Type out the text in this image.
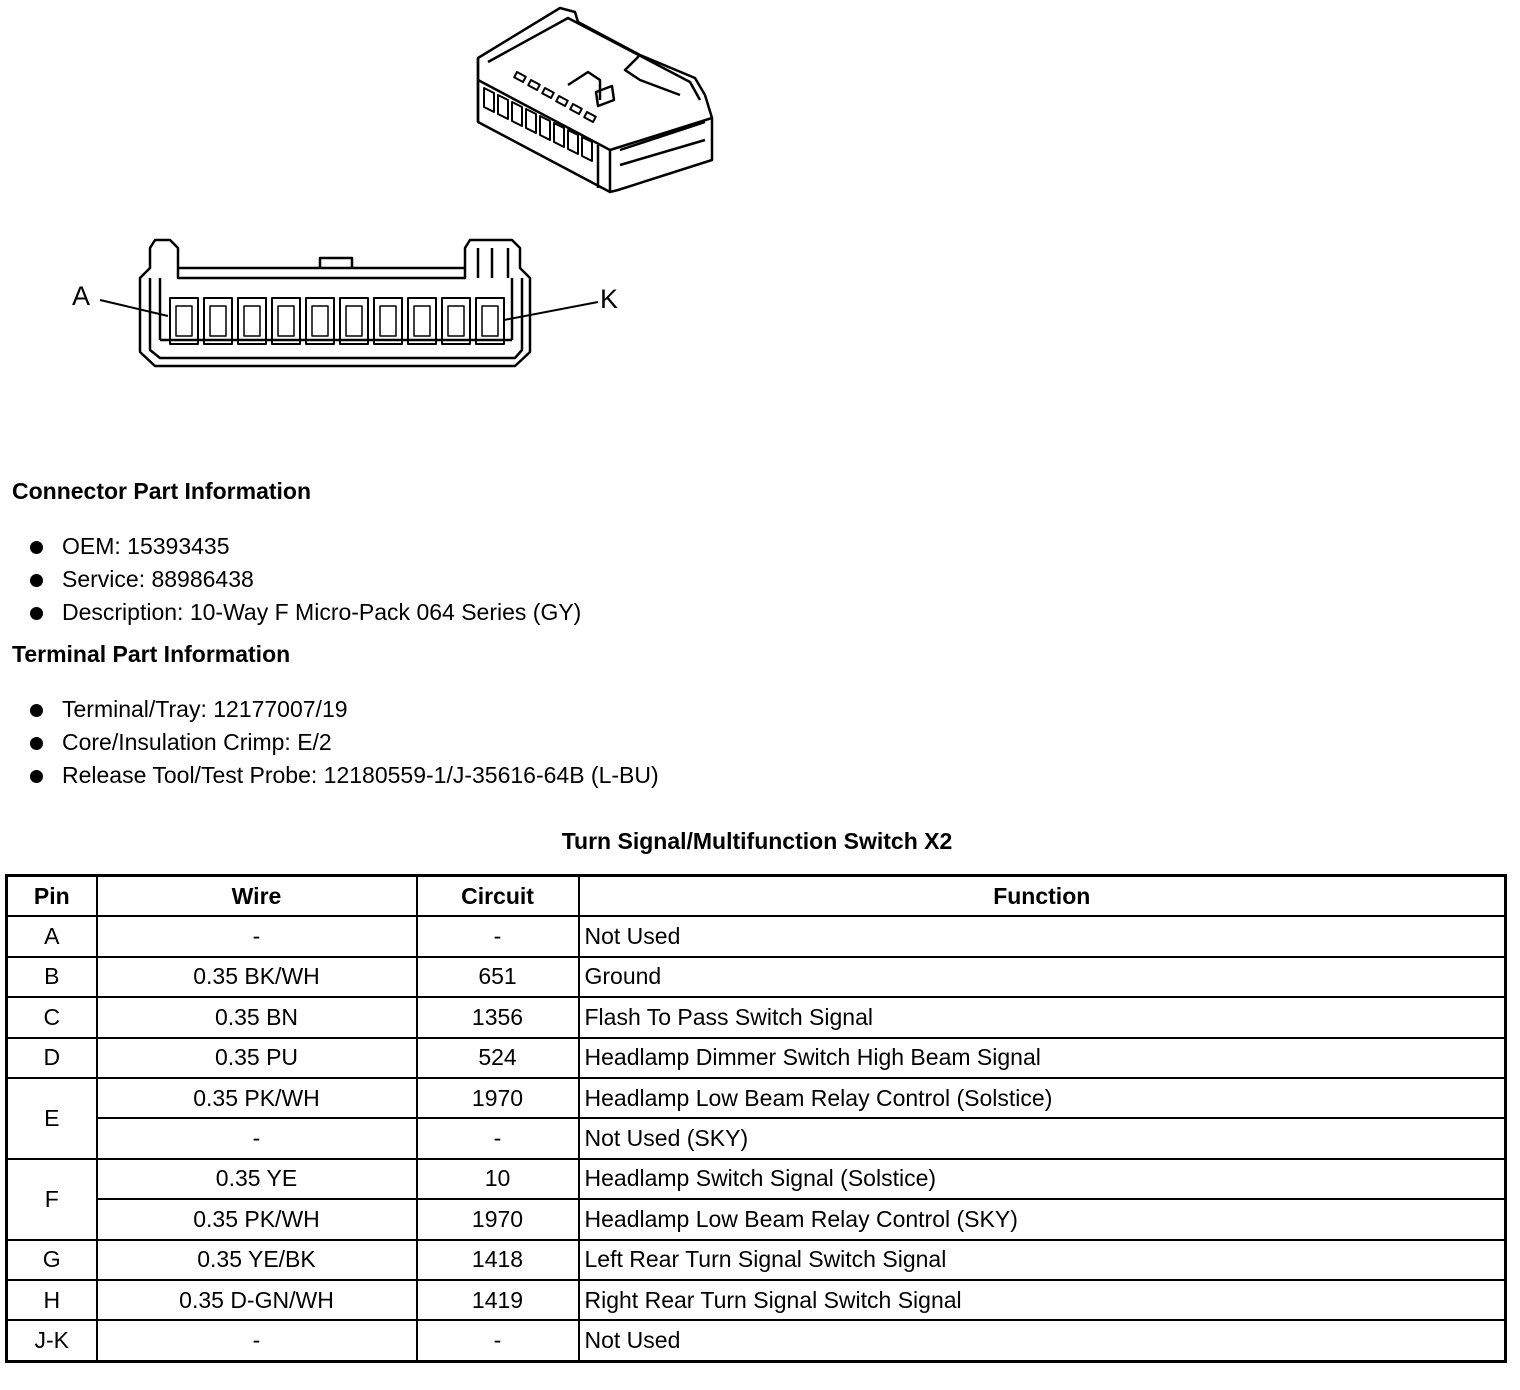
A	K
Connector Part Information
OEM: 15393435
Service: 88986438
Description: 10-Way F Micro-Pack 064 Series (GY)
Terminal Part Information
Terminal/Tray: 12177007/19
Core/Insulation Crimp: E/2
Release Tool/Test Probe: 12180559-1/J-35616-64B (L-BU)
Turn Signal/Multifunction Switch X2
Pin	Wire	Circuit	Function
A	-	-	Not Used
B	0.35 BK/WH	651	Ground
C	0.35 BN	1356	Flash To Pass Switch Signal
D	0.35 PU	524	Headlamp Dimmer Switch High Beam Signal
E	0.35 PK/WH	1970	Headlamp Low Beam Relay Control (Solstice)
	-	-	Not Used (SKY)
F	0.35 YE	10	Headlamp Switch Signal (Solstice)
	0.35 PK/WH	1970	Headlamp Low Beam Relay Control (SKY)
G	0.35 YE/BK	1418	Left Rear Turn Signal Switch Signal
H	0.35 D-GN/WH	1419	Right Rear Turn Signal Switch Signal
J-K	-	-	Not Used
